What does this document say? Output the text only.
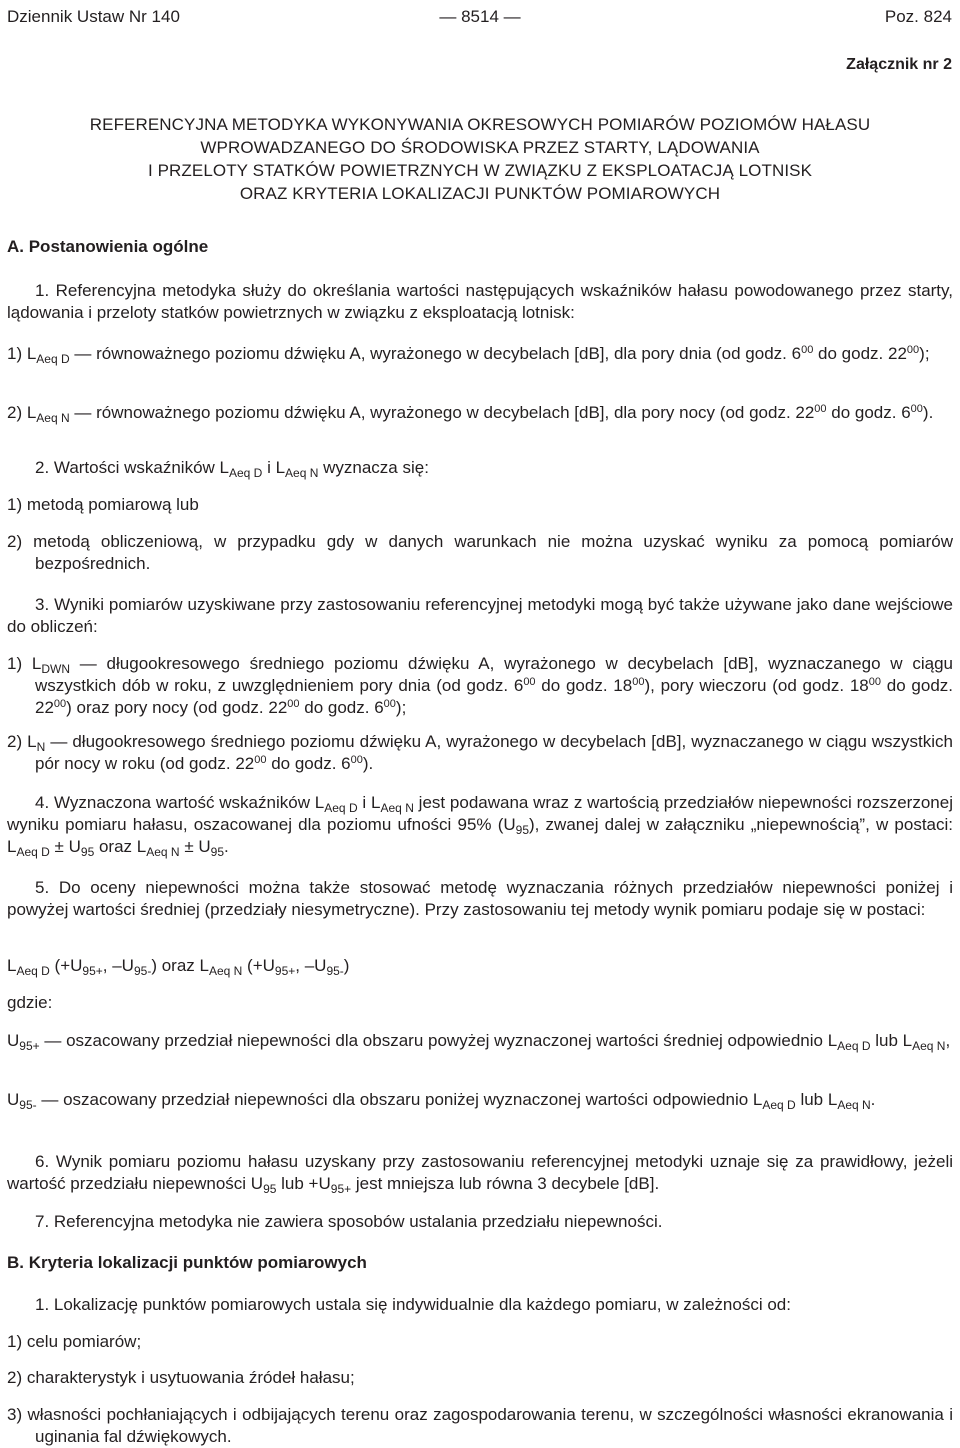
Dziennik Ustaw Nr 140	— 8514 —	Poz. 824
Załącznik nr 2
REFERENCYJNA METODYKA WYKONYWANIA OKRESOWYCH POMIARÓW POZIOMÓW HAŁASU
WPROWADZANEGO DO ŚRODOWISKA PRZEZ STARTY, LĄDOWANIA
I PRZELOTY STATKÓW POWIETRZNYCH W ZWIĄZKU Z EKSPLOATACJĄ LOTNISK
ORAZ KRYTERIA LOKALIZACJI PUNKTÓW POMIAROWYCH
A. Postanowienia ogólne

1. Referencyjna metodyka służy do określania wartości następujących wskaźników hałasu powodowanego przez starty, lądowania i przeloty statków powietrznych w związku z eksploatacją lotnisk:

1) $L_{Aeq D}$ — równoważnego poziomu dźwięku A, wyrażonego w decybelach [dB], dla pory dnia (od godz. $6^{00}$ do godz. $22^{00}$);

2) $L_{Aeq N}$ — równoważnego poziomu dźwięku A, wyrażonego w decybelach [dB], dla pory nocy (od godz. $22^{00}$ do godz. $6^{00}$).

2. Wartości wskaźników $L_{Aeq D}$ i $L_{Aeq N}$ wyznacza się:

1) metodą pomiarową lub

2) metodą obliczeniową, w przypadku gdy w danych warunkach nie można uzyskać wyniku za pomocą pomiarów bezpośrednich.

3. Wyniki pomiarów uzyskiwane przy zastosowaniu referencyjnej metodyki mogą być także używane jako dane wejściowe do obliczeń:

1) $L_{DWN}$ — długookresowego średniego poziomu dźwięku A, wyrażonego w decybelach [dB], wyznaczanego w ciągu wszystkich dób w roku, z uwzględnieniem pory dnia (od godz. $6^{00}$ do godz. $18^{00}$), pory wieczoru (od godz. $18^{00}$ do godz. $22^{00}$) oraz pory nocy (od godz. $22^{00}$ do godz. $6^{00}$);

2) $L_N$ — długookresowego średniego poziomu dźwięku A, wyrażonego w decybelach [dB], wyznaczanego w ciągu wszystkich pór nocy w roku (od godz. $22^{00}$ do godz. $6^{00}$).

4. Wyznaczona wartość wskaźników $L_{Aeq D}$ i $L_{Aeq N}$ jest podawana wraz z wartością przedziałów niepewności rozszerzonej wyniku pomiaru hałasu, oszacowanej dla poziomu ufności 95% $(U_{95})$, zwanej dalej w załączniku „niepewnością”, w postaci: $L_{Aeq D} \pm U_{95}$ oraz $L_{Aeq N} \pm U_{95}$.

5. Do oceny niepewności można także stosować metodę wyznaczania różnych przedziałów niepewności poniżej i powyżej wartości średniej (przedziały niesymetryczne). Przy zastosowaniu tej metody wynik pomiaru podaje się w postaci:

$L_{Aeq D}$ ($+U_{95+}$, $-U_{95-}$) oraz $L_{Aeq N}$ ($+U_{95+}$, $-U_{95-}$)

gdzie:

$U_{95+}$ — oszacowany przedział niepewności dla obszaru powyżej wyznaczonej wartości średniej odpowiednio $L_{Aeq D}$ lub $L_{Aeq N}$,

$U_{95-}$ — oszacowany przedział niepewności dla obszaru poniżej wyznaczonej wartości odpowiednio $L_{Aeq D}$ lub $L_{Aeq N}$.

6. Wynik pomiaru poziomu hałasu uzyskany przy zastosowaniu referencyjnej metodyki uznaje się za prawidłowy, jeżeli wartość przedziału niepewności $U_{95}$ lub $+U_{95+}$ jest mniejsza lub równa 3 decybele [dB].

7. Referencyjna metodyka nie zawiera sposobów ustalania przedziału niepewności.

B. Kryteria lokalizacji punktów pomiarowych

1. Lokalizację punktów pomiarowych ustala się indywidualnie dla każdego pomiaru, w zależności od:

1) celu pomiarów;

2) charakterystyk i usytuowania źródeł hałasu;

3) własności pochłaniających i odbijających terenu oraz zagospodarowania terenu, w szczególności własności ekranowania i uginania fal dźwiękowych.
